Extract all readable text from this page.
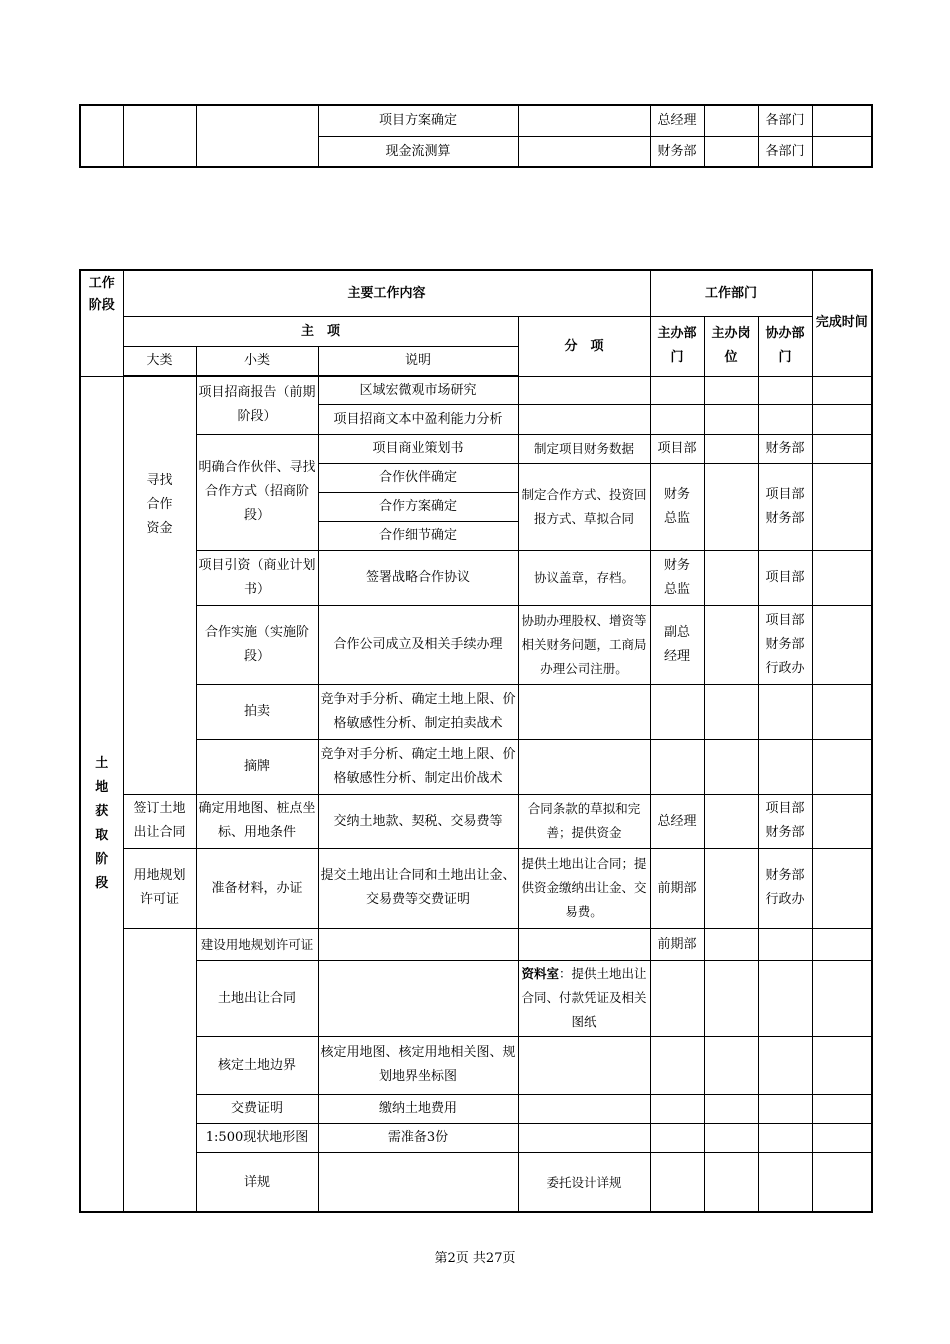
			项目方案确定		总经理		各部门	
			现金流测算		财务部		各部门	
工作阶段	主要工作内容				工作部门			完成时间
	主　项			分　项	主办部门	主办岗位	协办部门	
	大类	小类	说明					

土地获取阶段	寻找合作资金	项目招商报告（前期阶段）	区域宏微观市场研究					
			项目招商文本中盈利能力分析					
		明确合作伙伴、寻找合作方式（招商阶段）	项目商业策划书	制定项目财务数据	项目部		财务部	
			合作伙伴确定	制定合作方式、投资回报方式、草拟合同	财务总监		项目部财务部	

			合作方案确定					
			合作细节确定					
		项目引资（商业计划书）	签署战略合作协议	协议盖章，存档。	财务总监		项目部	
		合作实施（实施阶段）	合作公司成立及相关手续办理	协助办理股权、增资等相关财务问题，工商局办理公司注册。	副总经理		项目部财务部行政办	

		拍卖	竞争对手分析、确定土地上限、价格敏感性分析、制定拍卖战术					
		摘牌	竞争对手分析、确定土地上限、价格敏感性分析、制定出价战术					

	签订土地出让合同	确定用地图、桩点坐标、用地条件	交纳土地款、契税、交易费等	合同条款的草拟和完善；提供资金	总经理		项目部财务部	

	用地规划许可证	准备材料，办证	提交土地出让合同和土地出让金、交易费等交费证明	提供土地出让合同；提供资金缴纳出让金、交易费。	前期部		财务部行政办	

		建设用地规划许可证			前期部			
		土地出让合同		资料室：提供土地出让合同、付款凭证及相关图纸				
		核定土地边界	核定用地图、核定用地相关图、规划地界坐标图					
		交费证明	缴纳土地费用					
		1:500现状地形图	需准备3份					
		详规		委托设计详规				

第2页 共27页
